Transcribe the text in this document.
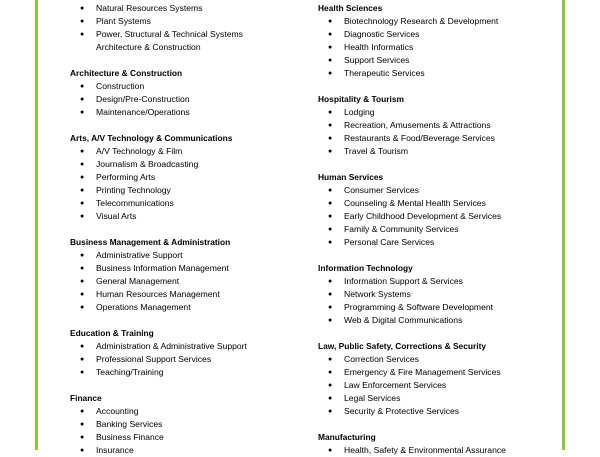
● Natural Resources Systems
● Plant Systems
● Power, Structural & Technical Systems
Architecture & Construction
Architecture & Construction
● Construction
● Design/Pre-Construction
● Maintenance/Operations
Arts, A/V Technology & Communications
● A/V Technology & Film
● Journalism & Broadcasting
● Performing Arts
● Printing Technology
● Telecommunications
● Visual Arts
Business Management & Administration
● Administrative Support
● Business Information Management
● General Management
● Human Resources Management
● Operations Management
Education & Training
● Administration & Administrative Support
● Professional Support Services
● Teaching/Training
Finance
● Accounting
● Banking Services
● Business Finance
● Insurance
Health Sciences
● Biotechnology Research & Development
● Diagnostic Services
● Health Informatics
● Support Services
● Therapeutic Services
Hospitality & Tourism
● Lodging
● Recreation, Amusements & Attractions
● Restaurants & Food/Beverage Services
● Travel & Tourism
Human Services
● Consumer Services
● Counseling & Mental Health Services
● Early Childhood Development & Services
● Family & Community Services
● Personal Care Services
Information Technology
● Information Support & Services
● Network Systems
● Programming & Software Development
● Web & Digital Communications
Law, Public Safety, Corrections & Security
● Correction Services
● Emergency & Fire Management Services
● Law Enforcement Services
● Legal Services
● Security & Protective Services
Manufacturing
● Health, Safety & Environmental Assurance
